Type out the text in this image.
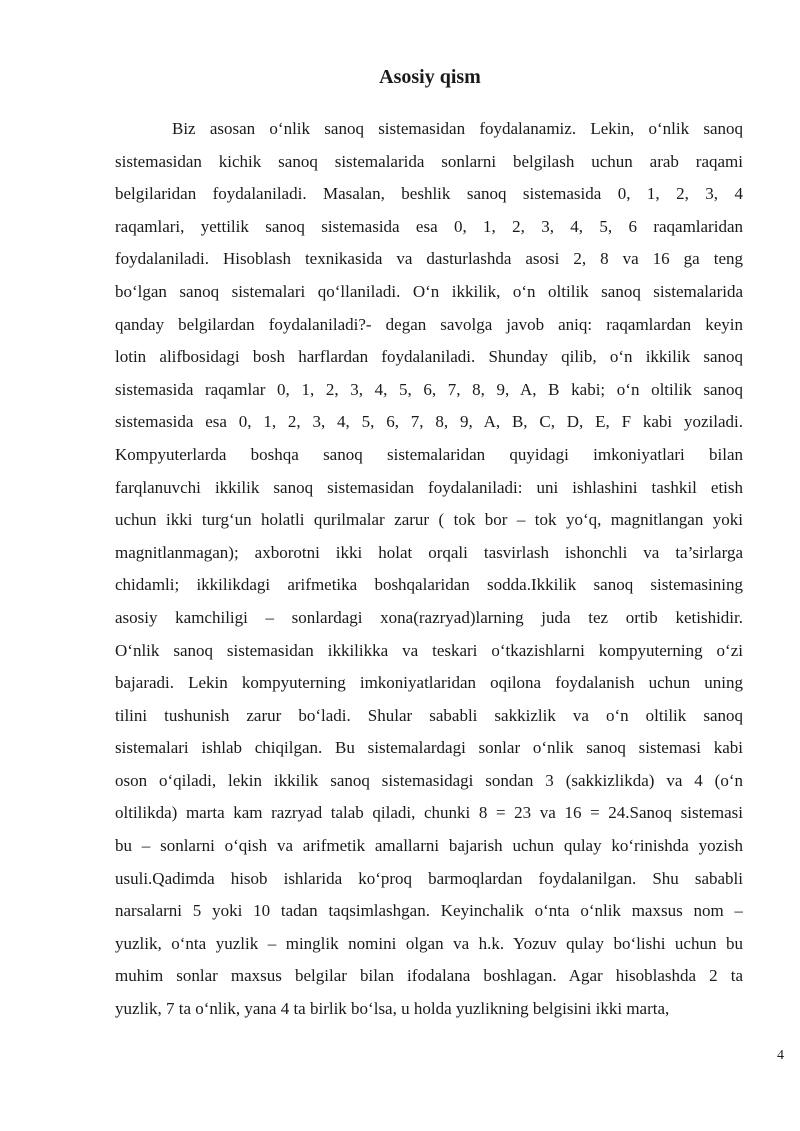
Asosiy qism
Biz asosan o‘nlik sanoq sistemasidan foydalanamiz. Lekin, o‘nlik sanoq
sistemasidan kichik sanoq sistemalarida sonlarni belgilash uchun arab raqami
belgilaridan foydalaniladi. Masalan, beshlik sanoq sistemasida 0, 1, 2, 3, 4
raqamlari, yettilik sanoq sistemasida esa 0, 1, 2, 3, 4, 5, 6 raqamlaridan
foydalaniladi. Hisoblash texnikasida va dasturlashda asosi 2, 8 va 16 ga teng
bo‘lgan sanoq sistemalari qo‘llaniladi. O‘n ikkilik, o‘n oltilik sanoq sistemalarida
qanday belgilardan foydalaniladi?- degan savolga javob aniq: raqamlardan keyin
lotin alifbosidagi bosh harflardan foydalaniladi. Shunday qilib, o‘n ikkilik sanoq
sistemasida raqamlar 0, 1, 2, 3, 4, 5, 6, 7, 8, 9, A, B kabi; o‘n oltilik sanoq
sistemasida esa 0, 1, 2, 3, 4, 5, 6, 7, 8, 9, A, B, C, D, E, F kabi yoziladi.
Kompyuterlarda boshqa sanoq sistemalaridan quyidagi imkoniyatlari bilan
farqlanuvchi ikkilik sanoq sistemasidan foydalaniladi: uni ishlashini tashkil etish
uchun ikki turg‘un holatli qurilmalar zarur ( tok bor – tok yo‘q, magnitlangan yoki
magnitlanmagan); axborotni ikki holat orqali tasvirlash ishonchli va ta’sirlarga
chidamli; ikkilikdagi arifmetika boshqalaridan sodda.Ikkilik sanoq sistemasining
asosiy kamchiligi – sonlardagi xona(razryad)larning juda tez ortib ketishidir.
O‘nlik sanoq sistemasidan ikkilikka va teskari o‘tkazishlarni kompyuterning o‘zi
bajaradi. Lekin kompyuterning imkoniyatlaridan oqilona foydalanish uchun uning
tilini tushunish zarur bo‘ladi. Shular sababli sakkizlik va o‘n oltilik sanoq
sistemalari ishlab chiqilgan. Bu sistemalardagi sonlar o‘nlik sanoq sistemasi kabi
oson o‘qiladi, lekin ikkilik sanoq sistemasidagi sondan 3 (sakkizlikda) va 4 (o‘n
oltilikda) marta kam razryad talab qiladi, chunki 8 = 23 va 16 = 24.Sanoq sistemasi
bu – sonlarni o‘qish va arifmetik amallarni bajarish uchun qulay ko‘rinishda yozish
usuli.Qadimda hisob ishlarida ko‘proq barmoqlardan foydalanilgan. Shu sababli
narsalarni 5 yoki 10 tadan taqsimlashgan. Keyinchalik o‘nta o‘nlik maxsus nom –
yuzlik, o‘nta yuzlik – minglik nomini olgan va h.k. Yozuv qulay bo‘lishi uchun bu
muhim sonlar maxsus belgilar bilan ifodalana boshlagan. Agar hisoblashda 2 ta
yuzlik, 7 ta o‘nlik, yana 4 ta birlik bo‘lsa, u holda yuzlikning belgisini ikki marta,
4
